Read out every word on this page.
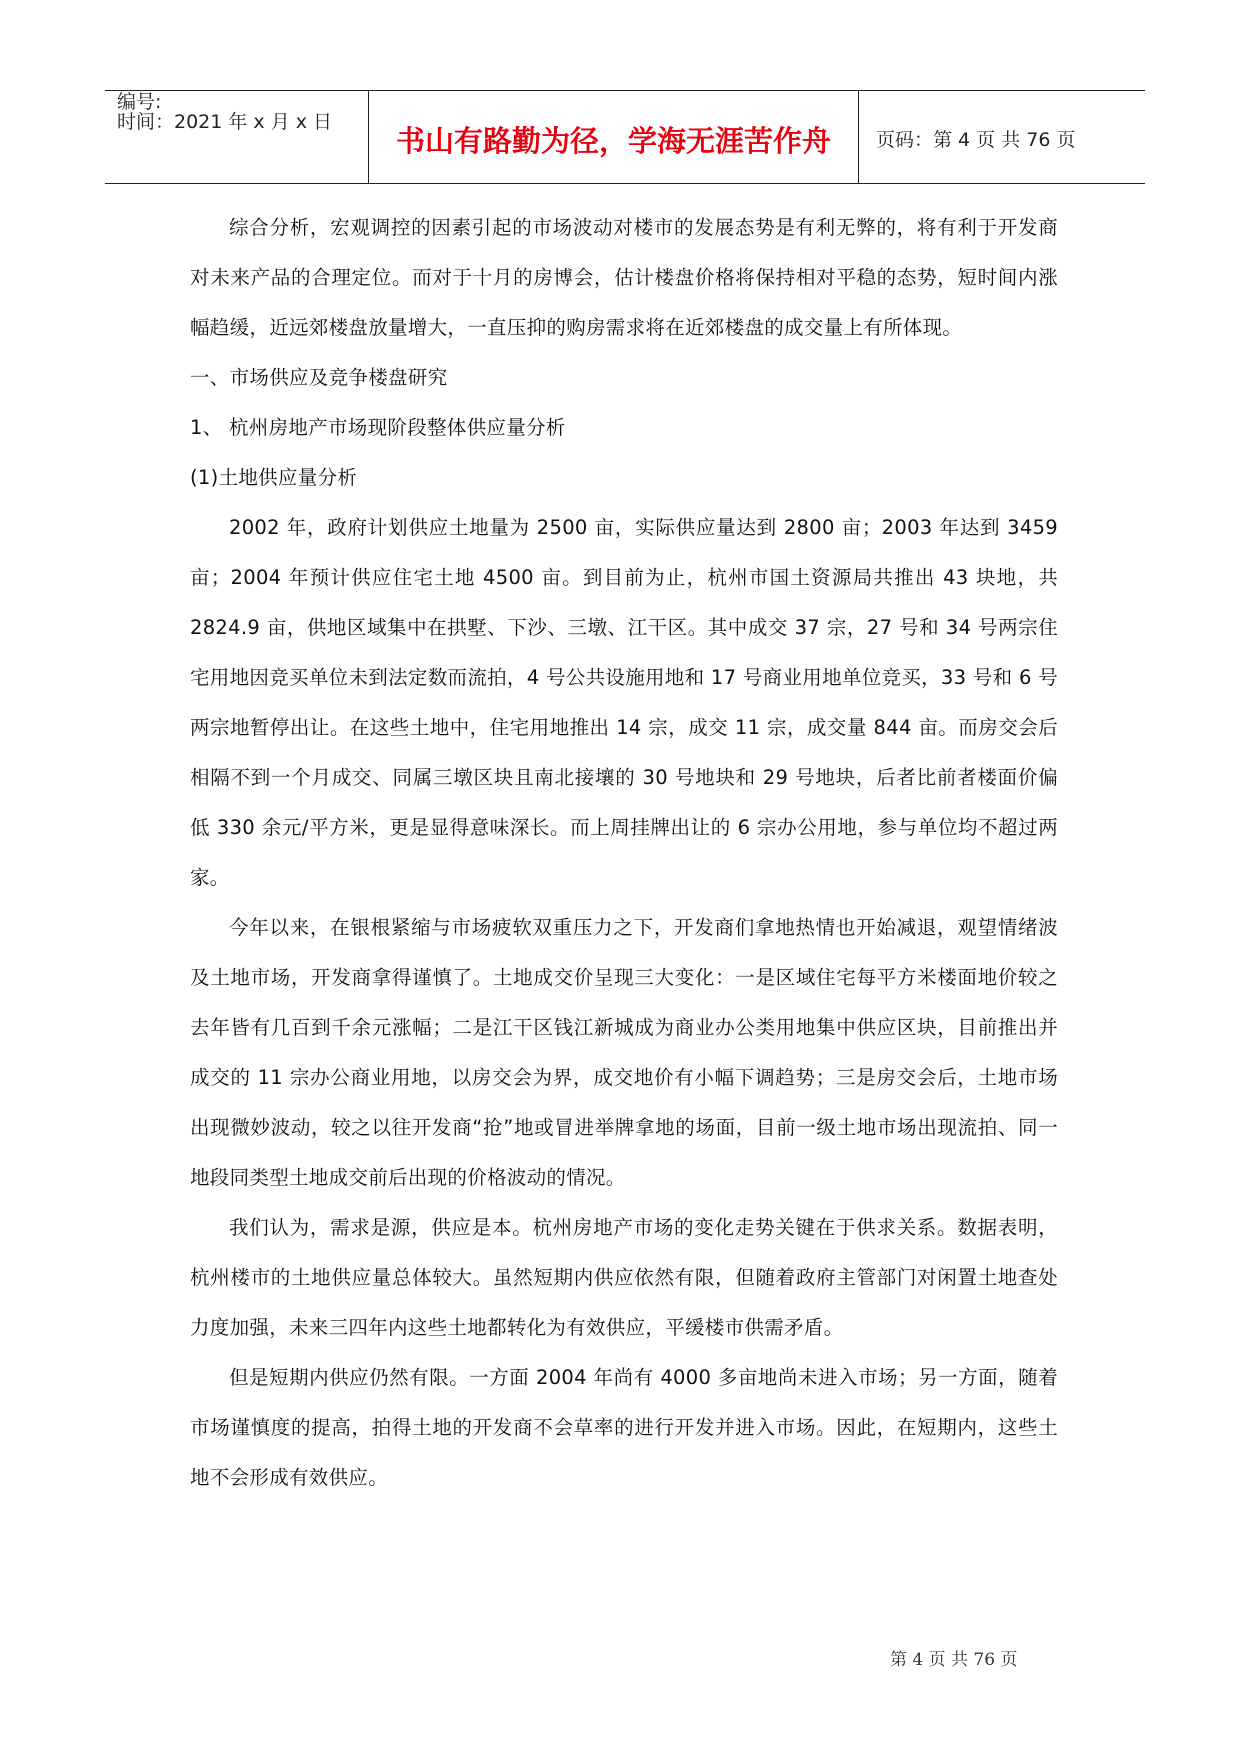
编号:
时间：2021 年 x 月 x 日
书山有路勤为径，学海无涯苦作舟	页码：第 4 页 共 76 页

综合分析，宏观调控的因素引起的市场波动对楼市的发展态势是有利无弊的，将有利于开发商对未来产品的合理定位。而对于十月的房博会，估计楼盘价格将保持相对平稳的态势，短时间内涨幅趋缓，近远郊楼盘放量增大，一直压抑的购房需求将在近郊楼盘的成交量上有所体现。

一、市场供应及竞争楼盘研究

1、 杭州房地产市场现阶段整体供应量分析

(1)土地供应量分析

2002 年，政府计划供应土地量为 2500 亩，实际供应量达到 2800 亩；2003 年达到 3459 亩；2004 年预计供应住宅土地 4500 亩。到目前为止，杭州市国土资源局共推出 43 块地，共 2824.9 亩，供地区域集中在拱墅、下沙、三墩、江干区。其中成交 37 宗，27 号和 34 号两宗住宅用地因竞买单位未到法定数而流拍，4 号公共设施用地和 17 号商业用地单位竞买，33 号和 6 号两宗地暂停出让。在这些土地中，住宅用地推出 14 宗，成交 11 宗，成交量 844 亩。而房交会后相隔不到一个月成交、同属三墩区块且南北接壤的 30 号地块和 29 号地块，后者比前者楼面价偏低 330 余元/平方米，更是显得意味深长。而上周挂牌出让的 6 宗办公用地，参与单位均不超过两家。

今年以来，在银根紧缩与市场疲软双重压力之下，开发商们拿地热情也开始减退，观望情绪波及土地市场，开发商拿得谨慎了。土地成交价呈现三大变化：一是区域住宅每平方米楼面地价较之去年皆有几百到千余元涨幅；二是江干区钱江新城成为商业办公类用地集中供应区块，目前推出并成交的 11 宗办公商业用地，以房交会为界，成交地价有小幅下调趋势；三是房交会后，土地市场出现微妙波动，较之以往开发商“抢”地或冒进举牌拿地的场面，目前一级土地市场出现流拍、同一地段同类型土地成交前后出现的价格波动的情况。

我们认为，需求是源，供应是本。杭州房地产市场的变化走势关键在于供求关系。数据表明，杭州楼市的土地供应量总体较大。虽然短期内供应依然有限，但随着政府主管部门对闲置土地查处力度加强，未来三四年内这些土地都转化为有效供应，平缓楼市供需矛盾。

但是短期内供应仍然有限。一方面 2004 年尚有 4000 多亩地尚未进入市场；另一方面，随着市场谨慎度的提高，拍得土地的开发商不会草率的进行开发并进入市场。因此，在短期内，这些土地不会形成有效供应。

第 4 页 共 76 页
